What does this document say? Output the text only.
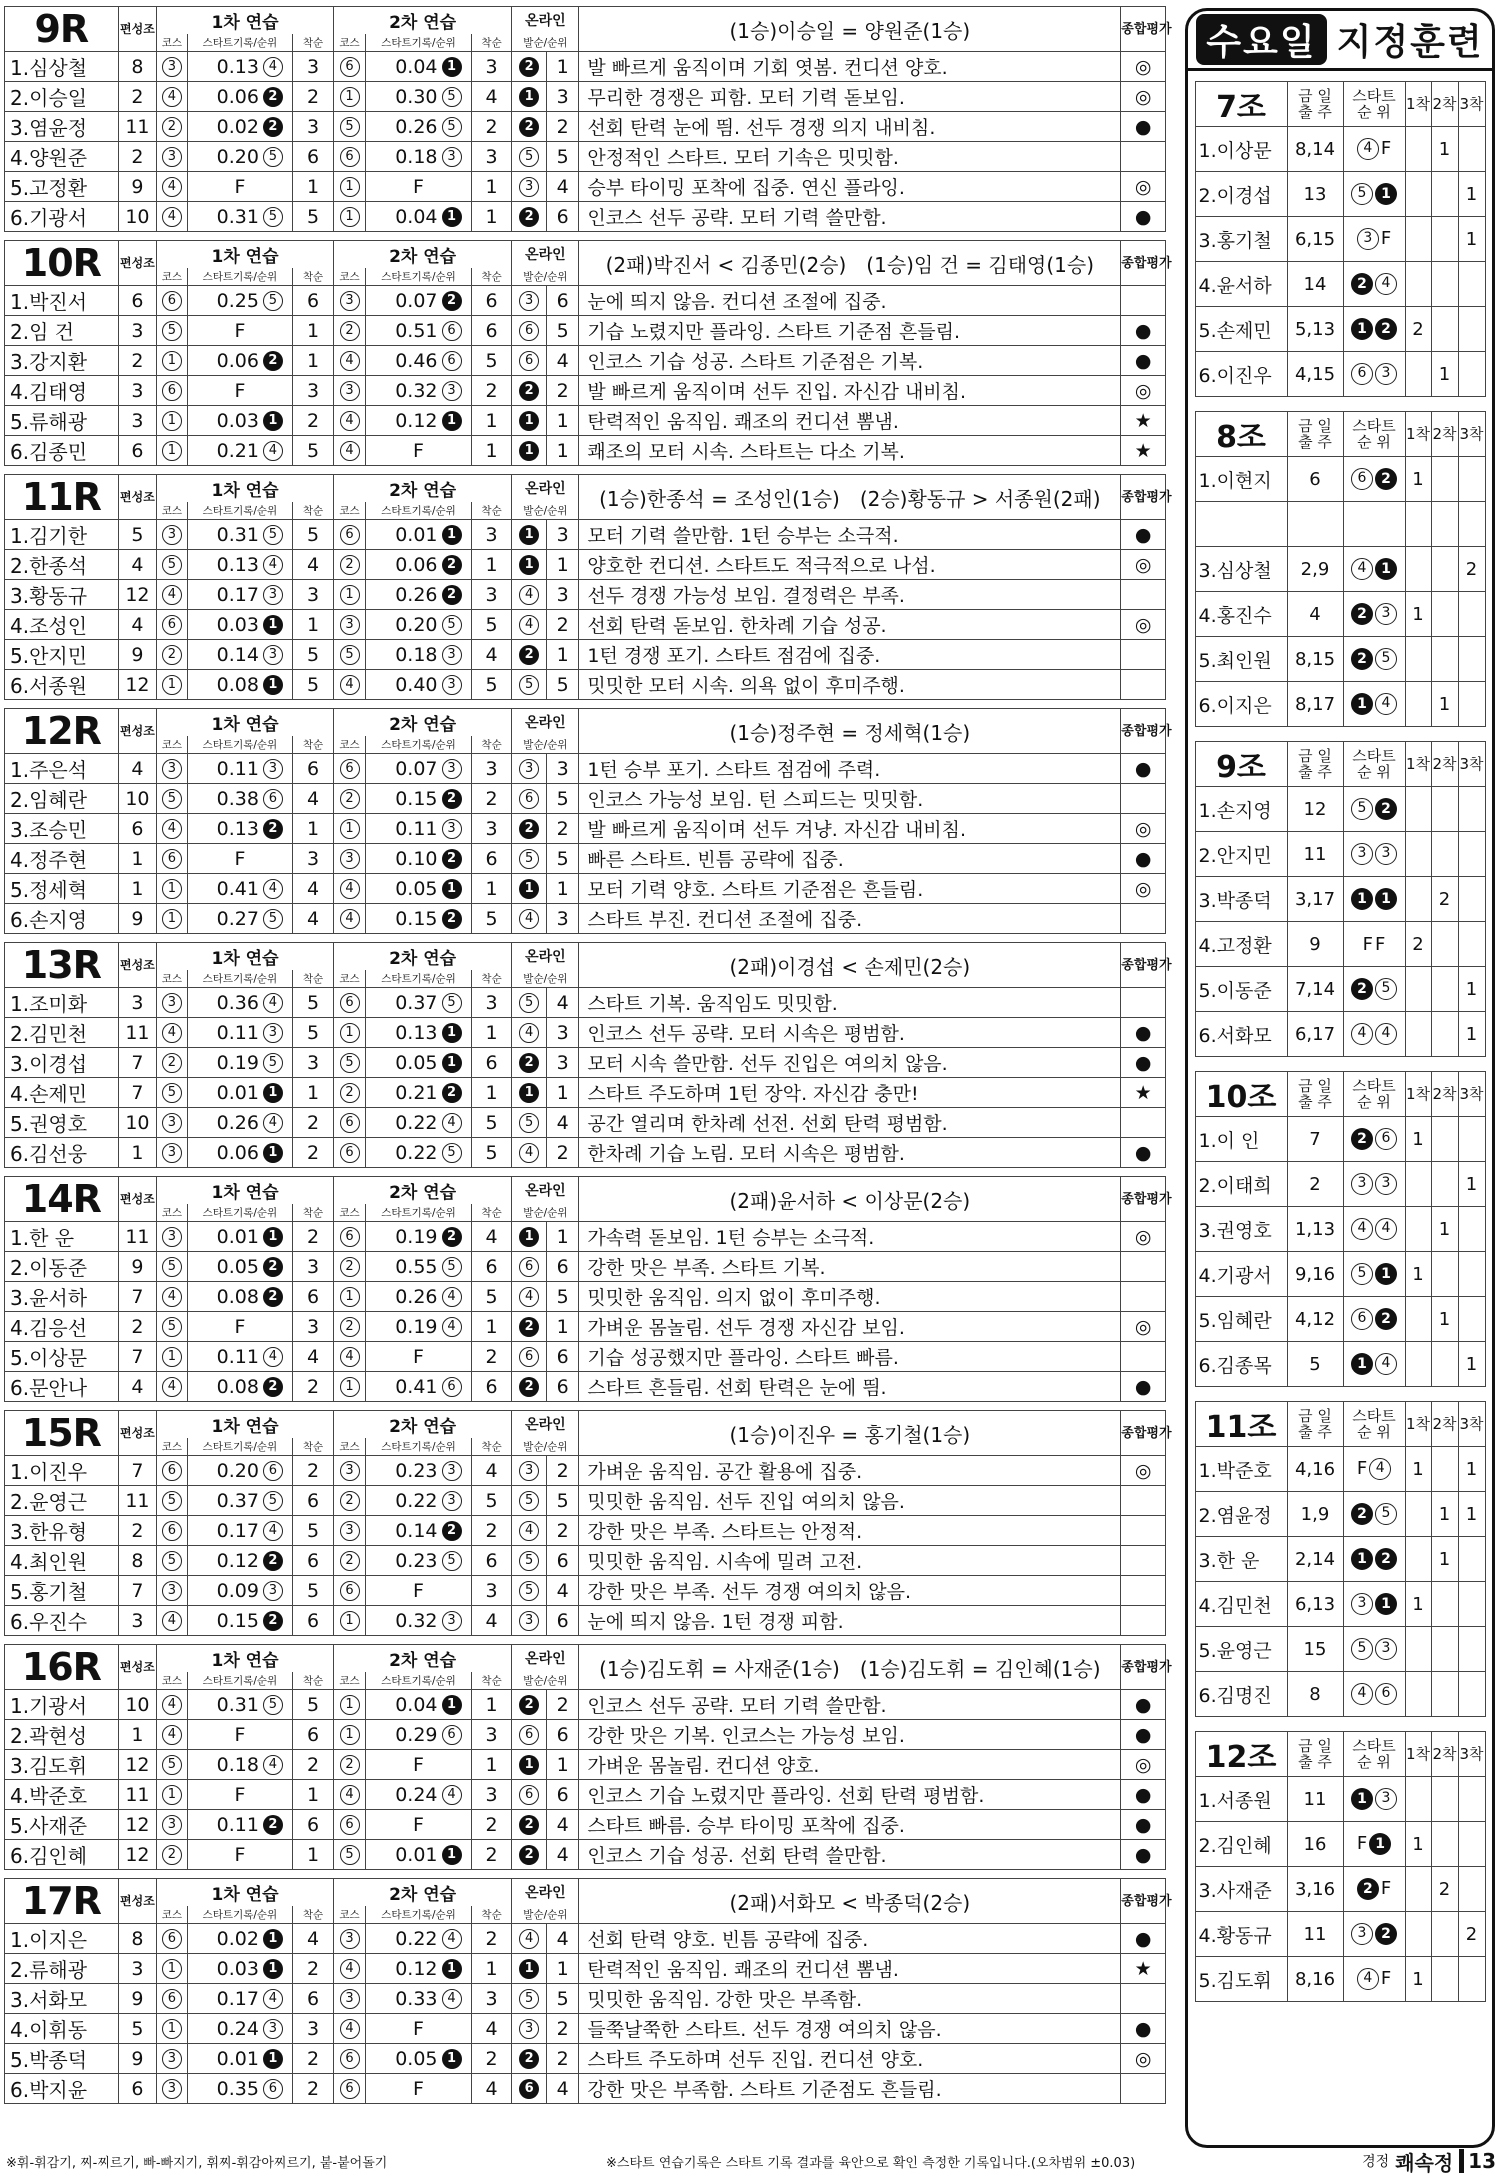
9R	편성조	1차 연습			2차 연습			온라인		(1승)이승일 = 양원준(1승)	종합평가
		코스	스타트기록/순위	착순	코스	스타트기록/순위	착순	발순/순위			
1.심상철	8	3	0.13 4	3	6	0.04 1	3	2	1	발 빠르게 움직이며 기회 엿봄. 컨디션 양호.	◎
2.이승일	2	4	0.06 2	2	1	0.30 5	4	1	3	무리한 경쟁은 피함. 모터 기력 돋보임.	◎
3.염윤정	11	2	0.02 2	3	5	0.26 5	2	2	2	선회 탄력 눈에 띔. 선두 경쟁 의지 내비침.	●
4.양원준	2	3	0.20 5	6	6	0.18 3	3	5	5	안정적인 스타트. 모터 기속은 밋밋함.	
5.고정환	9	4	F	1	1	F	1	3	4	승부 타이밍 포착에 집중. 연신 플라잉.	◎
6.기광서	10	4	0.31 5	5	1	0.04 1	1	2	6	인코스 선두 공략. 모터 기력 쓸만함.	●
10R	편성조	1차 연습			2차 연습			온라인		(2패)박진서 < 김종민(2승)　(1승)임 건 = 김태영(1승)	종합평가
		코스	스타트기록/순위	착순	코스	스타트기록/순위	착순	발순/순위			
1.박진서	6	6	0.25 5	6	3	0.07 2	6	3	6	눈에 띄지 않음. 컨디션 조절에 집중.	
2.임 건	3	5	F	1	2	0.51 6	6	6	5	기습 노렸지만 플라잉. 스타트 기준점 흔들림.	●
3.강지환	2	1	0.06 2	1	4	0.46 6	5	6	4	인코스 기습 성공. 스타트 기준점은 기복.	●
4.김태영	3	6	F	3	3	0.32 3	2	2	2	발 빠르게 움직이며 선두 진입. 자신감 내비침.	◎
5.류해광	3	1	0.03 1	2	4	0.12 1	1	1	1	탄력적인 움직임. 쾌조의 컨디션 뽐냄.	★
6.김종민	6	1	0.21 4	5	4	F	1	1	1	쾌조의 모터 시속. 스타트는 다소 기복.	★
11R	편성조	1차 연습			2차 연습			온라인		(1승)한종석 = 조성인(1승)　(2승)황동규 > 서종원(2패)	종합평가
		코스	스타트기록/순위	착순	코스	스타트기록/순위	착순	발순/순위			
1.김기한	5	3	0.31 5	5	6	0.01 1	3	1	3	모터 기력 쓸만함. 1턴 승부는 소극적.	●
2.한종석	4	5	0.13 4	4	2	0.06 2	1	1	1	양호한 컨디션. 스타트도 적극적으로 나섬.	◎
3.황동규	12	4	0.17 3	3	1	0.26 2	3	4	3	선두 경쟁 가능성 보임. 결정력은 부족.	
4.조성인	4	6	0.03 1	1	3	0.20 5	5	4	2	선회 탄력 돋보임. 한차례 기습 성공.	◎
5.안지민	9	2	0.14 3	5	5	0.18 3	4	2	1	1턴 경쟁 포기. 스타트 점검에 집중.	
6.서종원	12	1	0.08 1	5	4	0.40 3	5	5	5	밋밋한 모터 시속. 의욕 없이 후미주행.	
12R	편성조	1차 연습			2차 연습			온라인		(1승)정주현 = 정세혁(1승)	종합평가
		코스	스타트기록/순위	착순	코스	스타트기록/순위	착순	발순/순위			
1.주은석	4	3	0.11 3	6	6	0.07 3	3	3	3	1턴 승부 포기. 스타트 점검에 주력.	●
2.임혜란	10	5	0.38 6	4	2	0.15 2	2	6	5	인코스 가능성 보임. 턴 스피드는 밋밋함.	
3.조승민	6	4	0.13 2	1	1	0.11 3	3	2	2	발 빠르게 움직이며 선두 겨냥. 자신감 내비침.	◎
4.정주현	1	6	F	3	3	0.10 2	6	5	5	빠른 스타트. 빈틈 공략에 집중.	●
5.정세혁	1	1	0.41 4	4	4	0.05 1	1	1	1	모터 기력 양호. 스타트 기준점은 흔들림.	◎
6.손지영	9	1	0.27 5	4	4	0.15 2	5	4	3	스타트 부진. 컨디션 조절에 집중.	
13R	편성조	1차 연습			2차 연습			온라인		(2패)이경섭 < 손제민(2승)	종합평가
		코스	스타트기록/순위	착순	코스	스타트기록/순위	착순	발순/순위			
1.조미화	3	3	0.36 4	5	6	0.37 5	3	5	4	스타트 기복. 움직임도 밋밋함.	
2.김민천	11	4	0.11 3	5	1	0.13 1	1	4	3	인코스 선두 공략. 모터 시속은 평범함.	●
3.이경섭	7	2	0.19 5	3	5	0.05 1	6	2	3	모터 시속 쓸만함. 선두 진입은 여의치 않음.	●
4.손제민	7	5	0.01 1	1	2	0.21 2	1	1	1	스타트 주도하며 1턴 장악. 자신감 충만!	★
5.권영호	10	3	0.26 4	2	6	0.22 4	5	5	4	공간 열리며 한차례 선전. 선회 탄력 평범함.	
6.김선웅	1	3	0.06 1	2	6	0.22 5	5	4	2	한차례 기습 노림. 모터 시속은 평범함.	●
14R	편성조	1차 연습			2차 연습			온라인		(2패)윤서하 < 이상문(2승)	종합평가
		코스	스타트기록/순위	착순	코스	스타트기록/순위	착순	발순/순위			
1.한 운	11	3	0.01 1	2	6	0.19 2	4	1	1	가속력 돋보임. 1턴 승부는 소극적.	◎
2.이동준	9	5	0.05 2	3	2	0.55 5	6	6	6	강한 맛은 부족. 스타트 기복.	
3.윤서하	7	4	0.08 2	6	1	0.26 4	5	4	5	밋밋한 움직임. 의지 없이 후미주행.	
4.김응선	2	5	F	3	2	0.19 4	1	2	1	가벼운 몸놀림. 선두 경쟁 자신감 보임.	◎
5.이상문	7	1	0.11 4	4	4	F	2	6	6	기습 성공했지만 플라잉. 스타트 빠름.	
6.문안나	4	4	0.08 2	2	1	0.41 6	6	2	6	스타트 흔들림. 선회 탄력은 눈에 띔.	●
15R	편성조	1차 연습			2차 연습			온라인		(1승)이진우 = 홍기철(1승)	종합평가
		코스	스타트기록/순위	착순	코스	스타트기록/순위	착순	발순/순위			
1.이진우	7	6	0.20 6	2	3	0.23 3	4	3	2	가벼운 움직임. 공간 활용에 집중.	◎
2.윤영근	11	5	0.37 5	6	2	0.22 3	5	5	5	밋밋한 움직임. 선두 진입 여의치 않음.	
3.한유형	2	6	0.17 4	5	3	0.14 2	2	4	2	강한 맛은 부족. 스타트는 안정적.	
4.최인원	8	5	0.12 2	6	2	0.23 5	6	5	6	밋밋한 움직임. 시속에 밀려 고전.	
5.홍기철	7	3	0.09 3	5	6	F	3	5	4	강한 맛은 부족. 선두 경쟁 여의치 않음.	
6.우진수	3	4	0.15 2	6	1	0.32 3	4	3	6	눈에 띄지 않음. 1턴 경쟁 피함.	
16R	편성조	1차 연습			2차 연습			온라인		(1승)김도휘 = 사재준(1승)　(1승)김도휘 = 김인혜(1승)	종합평가
		코스	스타트기록/순위	착순	코스	스타트기록/순위	착순	발순/순위			
1.기광서	10	4	0.31 5	5	1	0.04 1	1	2	2	인코스 선두 공략. 모터 기력 쓸만함.	●
2.곽현성	1	4	F	6	1	0.29 6	3	6	6	강한 맛은 기복. 인코스는 가능성 보임.	●
3.김도휘	12	5	0.18 4	2	2	F	1	1	1	가벼운 몸놀림. 컨디션 양호.	◎
4.박준호	11	1	F	1	4	0.24 4	3	6	6	인코스 기습 노렸지만 플라잉. 선회 탄력 평범함.	●
5.사재준	12	3	0.11 2	6	6	F	2	2	4	스타트 빠름. 승부 타이밍 포착에 집중.	●
6.김인혜	12	2	F	1	5	0.01 1	2	2	4	인코스 기습 성공. 선회 탄력 쓸만함.	●
17R	편성조	1차 연습			2차 연습			온라인		(2패)서화모 < 박종덕(2승)	종합평가
		코스	스타트기록/순위	착순	코스	스타트기록/순위	착순	발순/순위			
1.이지은	8	6	0.02 1	4	3	0.22 4	2	4	4	선회 탄력 양호. 빈틈 공략에 집중.	●
2.류해광	3	1	0.03 1	2	4	0.12 1	1	1	1	탄력적인 움직임. 쾌조의 컨디션 뽐냄.	★
3.서화모	9	6	0.17 4	6	3	0.33 4	3	5	5	밋밋한 움직임. 강한 맛은 부족함.	
4.이휘동	5	1	0.24 3	3	4	F	4	3	2	들쭉날쭉한 스타트. 선두 경쟁 여의치 않음.	●
5.박종덕	9	3	0.01 1	2	6	0.05 1	2	2	2	스타트 주도하며 선두 진입. 컨디션 양호.	◎
6.박지윤	6	3	0.35 6	2	6	F	4	6	4	강한 맛은 부족함. 스타트 기준점도 흔들림.	
수요일 지정훈련
7조	금 일
출 주	스타트
순 위	1착	2착	3착
1.이상문	8,14	4 F		1	
2.이경섭	13	5 1			1
3.홍기철	6,15	3 F			1
4.윤서하	14	2 4			
5.손제민	5,13	1 2	2		
6.이진우	4,15	6 3		1	
8조	금 일
출 주	스타트
순 위	1착	2착	3착
1.이현지	6	6 2	1		

3.심상철	2,9	4 1			2
4.홍진수	4	2 3	1		
5.최인원	8,15	2 5			
6.이지은	8,17	1 4		1	
9조	금 일
출 주	스타트
순 위	1착	2착	3착
1.손지영	12	5 2			
2.안지민	11	3 3			
3.박종덕	3,17	1 1		2	
4.고정환	9	F F	2		
5.이동준	7,14	2 5			1
6.서화모	6,17	4 4			1
10조	금 일
출 주	스타트
순 위	1착	2착	3착
1.이 인	7	2 6	1		
2.이태희	2	3 3			1
3.권영호	1,13	4 4		1	
4.기광서	9,16	5 1	1		
5.임혜란	4,12	6 2		1	
6.김종목	5	1 4			1
11조	금 일
출 주	스타트
순 위	1착	2착	3착
1.박준호	4,16	F 4	1		1
2.염윤정	1,9	2 5		1	1
3.한 운	2,14	1 2		1	
4.김민천	6,13	3 1	1		
5.윤영근	15	5 3			
6.김명진	8	4 6			
12조	금 일
출 주	스타트
순 위	1착	2착	3착
1.서종원	11	1 3			
2.김인혜	16	F 1	1		
3.사재준	3,16	2 F		2	
4.황동규	11	3 2			2
5.김도휘	8,16	4 F	1		
※휘-휘감기, 찌-찌르기, 빠-빠지기, 휘찌-휘감아찌르기, 붙-붙어돌기	※스타트 연습기록은 스타트 기록 결과를 육안으로 확인 측정한 기록입니다.(오차범위 ±0.03)	경정 쾌속정 13
